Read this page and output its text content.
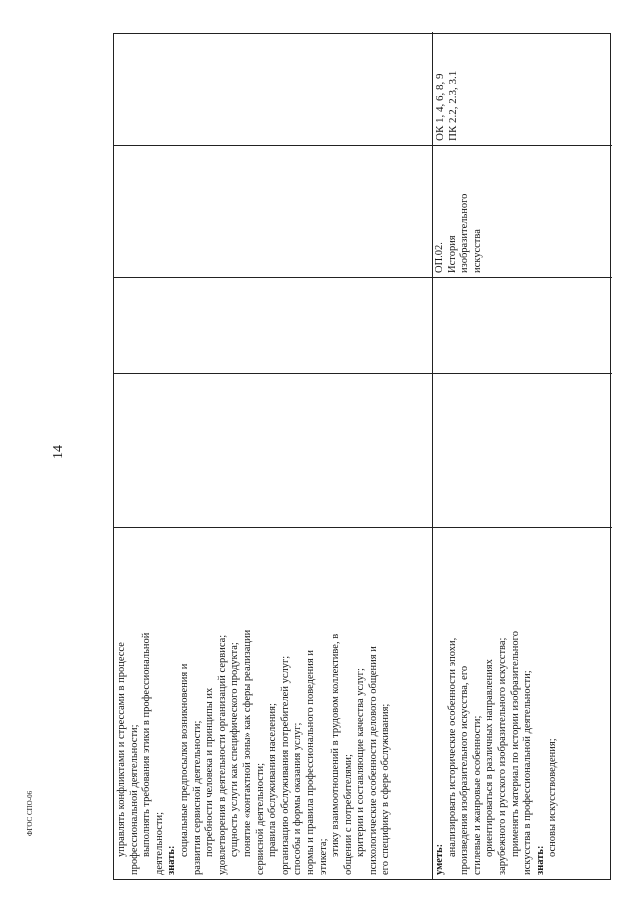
14
ФГОС СПО-06	управлять конфликтами и стрессами в процессе профессиональной деятельности; выполнять требования этики в профессиональной деятельности; знать:
социальные предпосылки возникновения и развития сервисной деятельности; потребности человека и принципы их удовлетворения в деятельности организаций сервиса; сущность услуги как специфического продукта; понятие «контактной зоны» как сферы реализации сервисной деятельности; правила обслуживания населения; организацию обслуживания потребителей услуг; способы и формы оказания услуг; нормы и правила профессионального поведения и этикета; этику взаимоотношений в трудовом коллективе, в общении с потребителями; критерии и составляющие качества услуг; психологические особенности делового общения и его специфику в сфере обслуживания;	уметь:
анализировать исторические особенности эпохи, произведения изобразительного искусства, его стилевые и жанровые особенности; ориентироваться в различных направлениях зарубежного и русского изобразительного искусства; применять материал по истории изобразительного искусства в профессиональной деятельности; знать:
основы искусствоведения;
ОП.02. История изобразительного искусства
ОК 1, 4, 6, 8, 9 ПК 2.2, 2.3, 3.1
